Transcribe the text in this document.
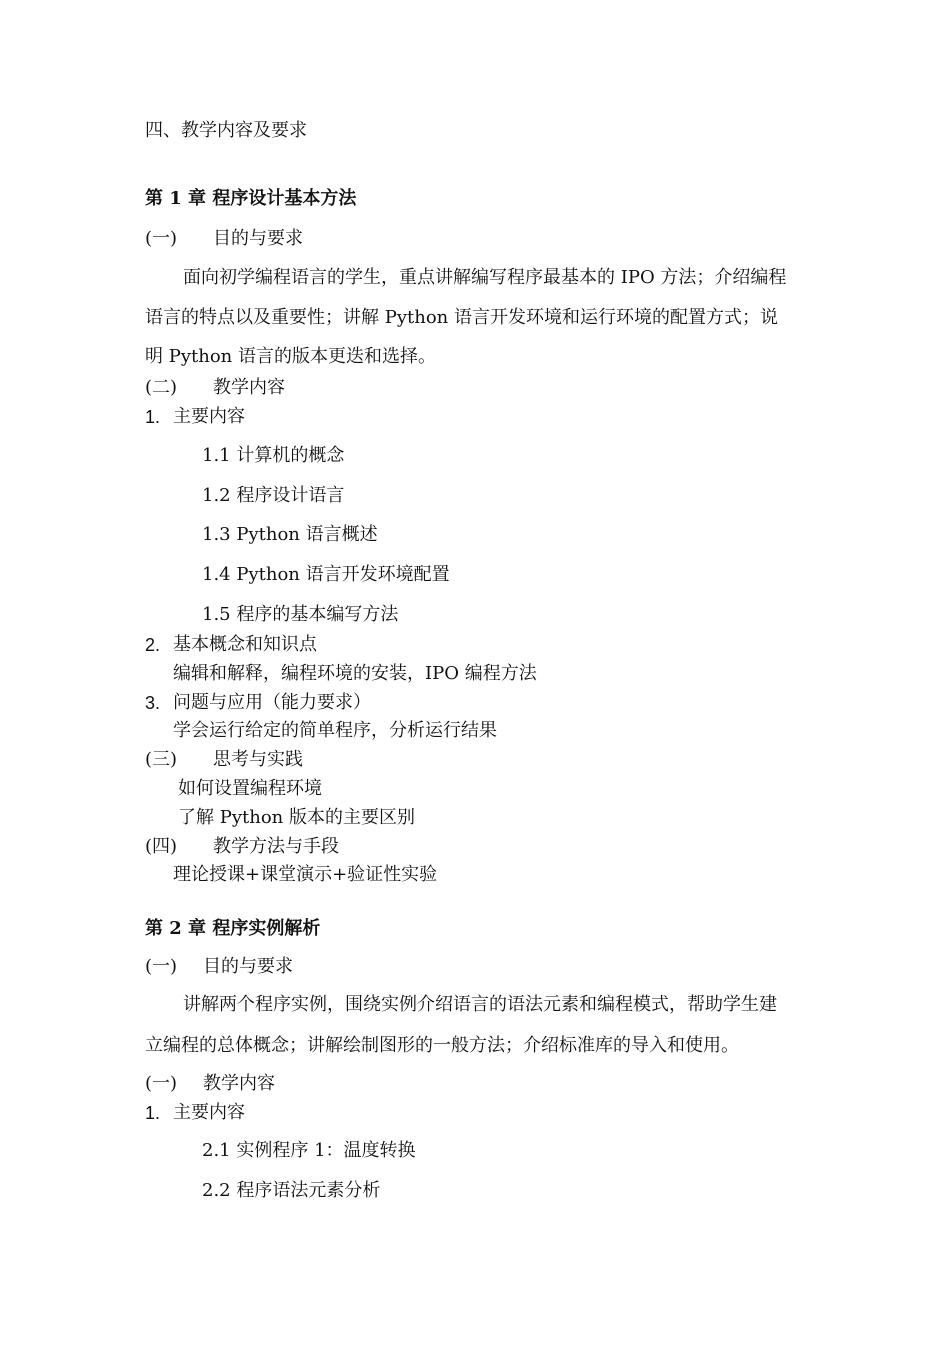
四、教学内容及要求
第 1 章 程序设计基本方法
(一) 目的与要求
面向初学编程语言的学生，重点讲解编写程序最基本的 IPO 方法；介绍编程
语言的特点以及重要性；讲解 Python 语言开发环境和运行环境的配置方式；说
明 Python 语言的版本更迭和选择。
(二) 教学内容
1. 主要内容
1.1 计算机的概念
1.2 程序设计语言
1.3 Python 语言概述
1.4 Python 语言开发环境配置
1.5 程序的基本编写方法
2. 基本概念和知识点
编辑和解释，编程环境的安装，IPO 编程方法
3. 问题与应用（能力要求）
学会运行给定的简单程序，分析运行结果
(三) 思考与实践
如何设置编程环境
了解 Python 版本的主要区别
(四) 教学方法与手段
理论授课+课堂演示+验证性实验
第 2 章 程序实例解析
(一) 目的与要求
讲解两个程序实例，围绕实例介绍语言的语法元素和编程模式，帮助学生建
立编程的总体概念；讲解绘制图形的一般方法；介绍标准库的导入和使用。
(一) 教学内容
1. 主要内容
2.1 实例程序 1：温度转换
2.2 程序语法元素分析
